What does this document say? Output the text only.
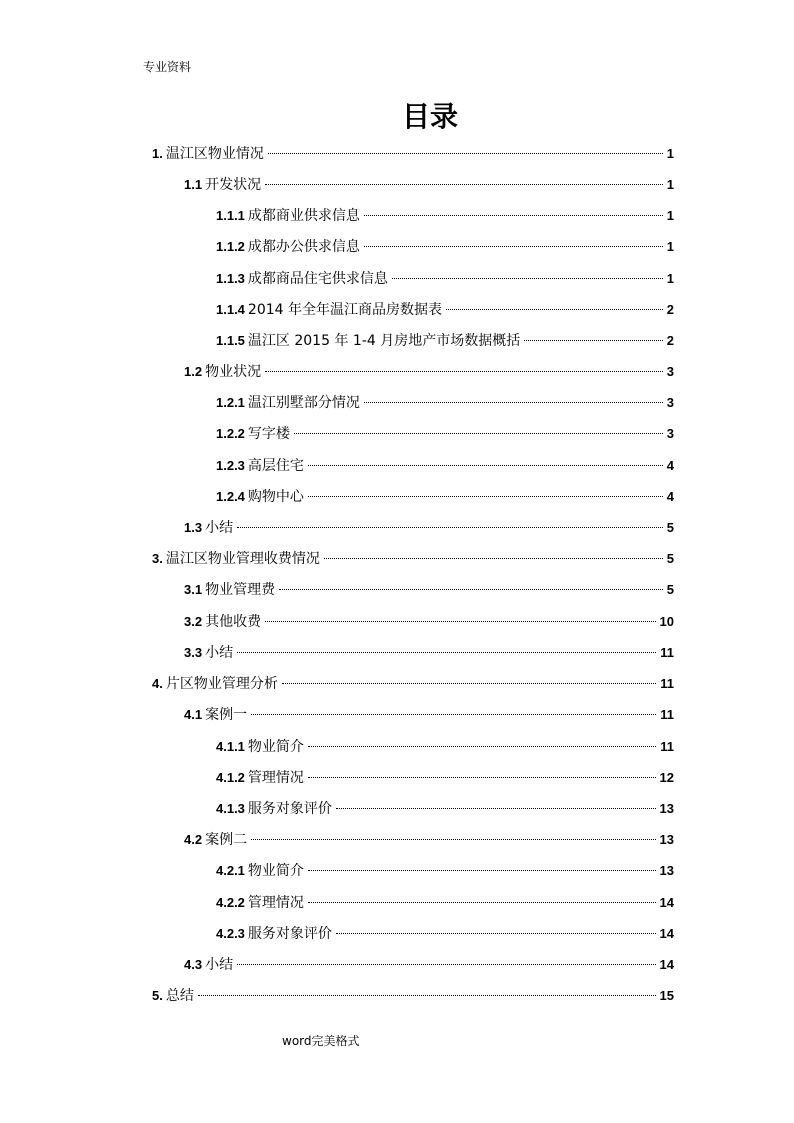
专业资料
目录
1. 温江区物业情况	1
1.1 开发状况	1
1.1.1 成都商业供求信息	1
1.1.2 成都办公供求信息	1
1.1.3 成都商品住宅供求信息	1
1.1.4 2014 年全年温江商品房数据表	2
1.1.5 温江区 2015 年 1-4 月房地产市场数据概括	2
1.2 物业状况	3
1.2.1 温江别墅部分情况	3
1.2.2 写字楼	3
1.2.3 高层住宅	4
1.2.4 购物中心	4
1.3 小结	5
3. 温江区物业管理收费情况	5
3.1 物业管理费	5
3.2 其他收费	10
3.3 小结	11
4. 片区物业管理分析	11
4.1 案例一	11
4.1.1 物业简介	11
4.1.2 管理情况	12
4.1.3 服务对象评价	13
4.2 案例二	13
4.2.1 物业简介	13
4.2.2 管理情况	14
4.2.3 服务对象评价	14
4.3 小结	14
5. 总结	15
word完美格式
